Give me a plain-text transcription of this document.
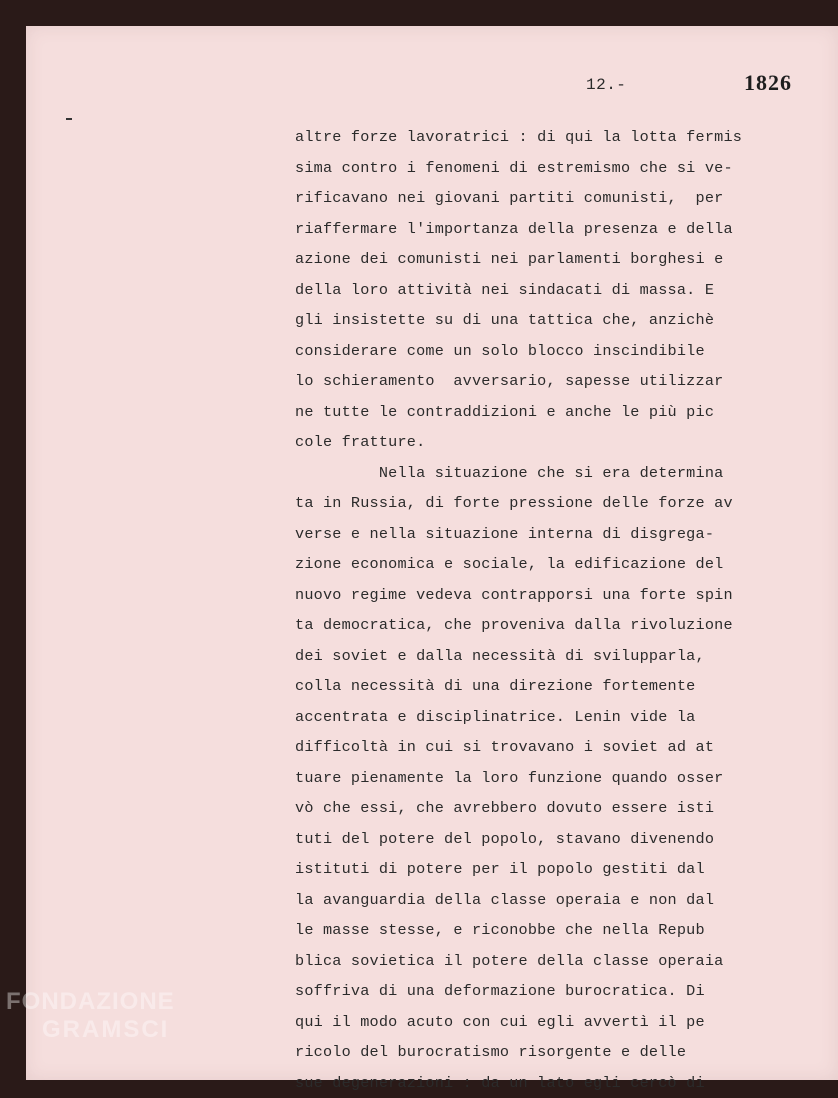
12.-	1826
altre forze lavoratrici : di qui la lotta fermis
sima contro i fenomeni di estremismo che si ve-
rificavano nei giovani partiti comunisti,  per
riaffermare l'importanza della presenza e della
azione dei comunisti nei parlamenti borghesi e
della loro attività nei sindacati di massa. E
gli insistette su di una tattica che, anzichè
considerare come un solo blocco inscindibile
lo schieramento  avversario, sapesse utilizzar
ne tutte le contraddizioni e anche le più pic
cole fratture.
Nella situazione che si era determina
ta in Russia, di forte pressione delle forze av
verse e nella situazione interna di disgrega-
zione economica e sociale, la edificazione del
nuovo regime vedeva contrapporsi una forte spin
ta democratica, che proveniva dalla rivoluzione
dei soviet e dalla necessità di svilupparla,
colla necessità di una direzione fortemente
accentrata e disciplinatrice. Lenin vide la
difficoltà in cui si trovavano i soviet ad at
tuare pienamente la loro funzione quando osser
vò che essi, che avrebbero dovuto essere isti
tuti del potere del popolo, stavano divenendo
istituti di potere per il popolo gestiti dal
la avanguardia della classe operaia e non dal
le masse stesse, e riconobbe che nella Repub
blica sovietica il potere della classe operaia
soffriva di una deformazione burocratica. Di
qui il modo acuto con cui egli avvertì il pe
ricolo del burocratismo risorgente e delle
sue degenerazioni : da un lato egli cercò di
FONDAZIONE
GRAMSCI
